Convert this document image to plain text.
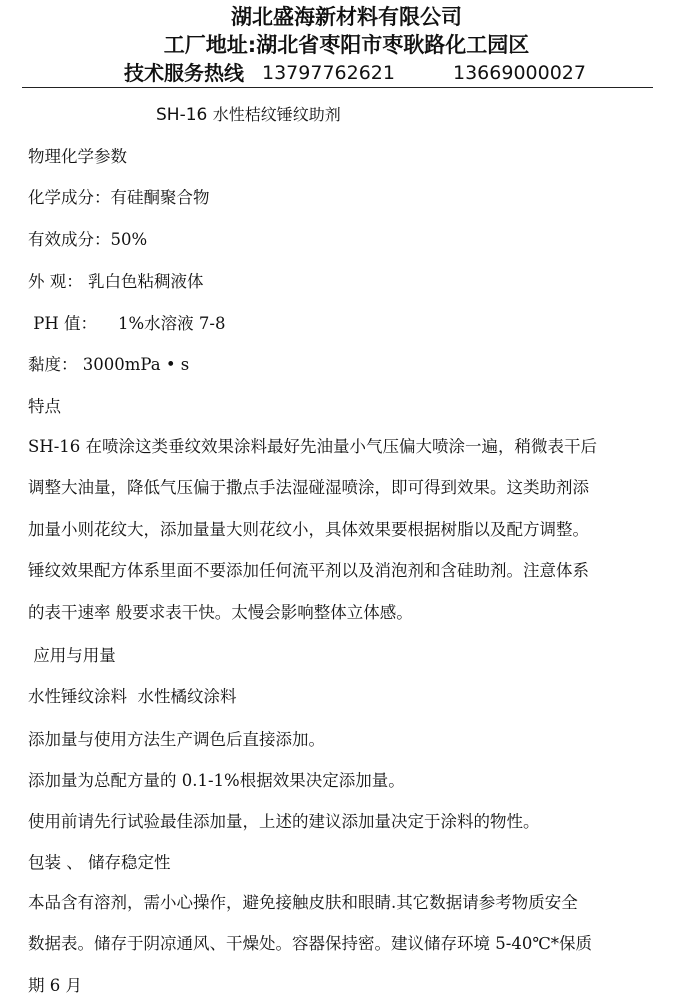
湖北盛海新材料有限公司
工厂地址:湖北省枣阳市枣耿路化工园区
技术服务热线 13797762621	13669000027
SH-16 水性桔纹锤纹助剂
物理化学参数
化学成分：有硅酮聚合物
有效成分：50%
外 观： 乳白色粘稠液体
PH 值：    1%水溶液 7-8
黏度： 3000mPa • s
特点

SH-16 在喷涂这类垂纹效果涂料最好先油量小气压偏大喷涂一遍，稍微表干后

调整大油量，降低气压偏于撒点手法湿碰湿喷涂，即可得到效果。这类助剂添

加量小则花纹大，添加量量大则花纹小，具体效果要根据树脂以及配方调整。

锤纹效果配方体系里面不要添加任何流平剂以及消泡剂和含硅助剂。注意体系

的表干速率 般要求表干快。太慢会影响整体立体感。

应用与用量
水性锤纹涂料  水性橘纹涂料
添加量与使用方法生产调色后直接添加。
添加量为总配方量的 0.1-1%根据效果决定添加量。
使用前请先行试验最佳添加量，上述的建议添加量决定于涂料的物性。
包装 、 储存稳定性

本品含有溶剂，需小心操作，避免接触皮肤和眼睛.其它数据请参考物质安全

数据表。储存于阴凉通风、干燥处。容器保持密。建议储存环境 5-40℃*保质

期 6 月
